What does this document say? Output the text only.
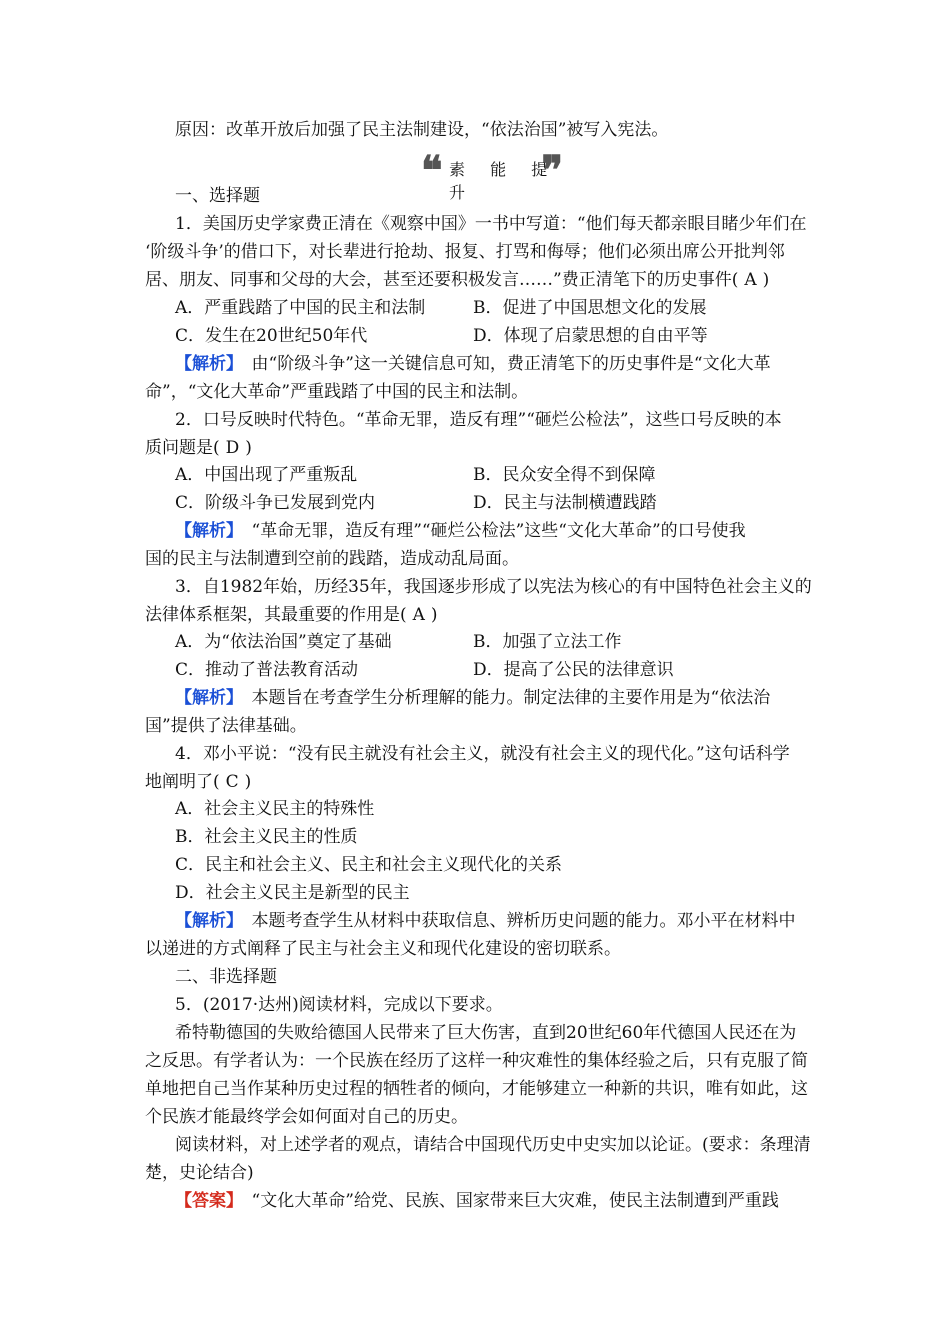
原因：改革开放后加强了民主法制建设，“依法治国”被写入宪法。
❝ 素 能 提 升	❞
一、选择题
1．美国历史学家费正清在《观察中国》一书中写道：“他们每天都亲眼目睹少年们在
‘阶级斗争’的借口下，对长辈进行抢劫、报复、打骂和侮辱；他们必须出席公开批判邻
居、朋友、同事和父母的大会，甚至还要积极发言……”费正清笔下的历史事件( A )
A．严重践踏了中国的民主和法制	B．促进了中国思想文化的发展
C．发生在20世纪50年代	D．体现了启蒙思想的自由平等
【解析】　由“阶级斗争”这一关键信息可知，费正清笔下的历史事件是“文化大革
命”，“文化大革命”严重践踏了中国的民主和法制。
2．口号反映时代特色。“革命无罪，造反有理”“砸烂公检法”，这些口号反映的本
质问题是( D )
A．中国出现了严重叛乱	B．民众安全得不到保障
C．阶级斗争已发展到党内	D．民主与法制横遭践踏
【解析】　“革命无罪，造反有理”“砸烂公检法”这些“文化大革命”的口号使我
国的民主与法制遭到空前的践踏，造成动乱局面。
3．自1982年始，历经35年，我国逐步形成了以宪法为核心的有中国特色社会主义的
法律体系框架，其最重要的作用是( A )
A．为“依法治国”奠定了基础	B．加强了立法工作
C．推动了普法教育活动	D．提高了公民的法律意识
【解析】　本题旨在考查学生分析理解的能力。制定法律的主要作用是为“依法治
国”提供了法律基础。
4．邓小平说：“没有民主就没有社会主义，就没有社会主义的现代化。”这句话科学
地阐明了( C )
A．社会主义民主的特殊性
B．社会主义民主的性质
C．民主和社会主义、民主和社会主义现代化的关系
D．社会主义民主是新型的民主
【解析】　本题考查学生从材料中获取信息、辨析历史问题的能力。邓小平在材料中
以递进的方式阐释了民主与社会主义和现代化建设的密切联系。
二、非选择题
5．(2017·达州)阅读材料，完成以下要求。
希特勒德国的失败给德国人民带来了巨大伤害，直到20世纪60年代德国人民还在为
之反思。有学者认为：一个民族在经历了这样一种灾难性的集体经验之后，只有克服了简
单地把自己当作某种历史过程的牺牲者的倾向，才能够建立一种新的共识，唯有如此，这
个民族才能最终学会如何面对自己的历史。
阅读材料，对上述学者的观点，请结合中国现代历史中史实加以论证。(要求：条理清
楚，史论结合)
【答案】　“文化大革命”给党、民族、国家带来巨大灾难，使民主法制遭到严重践
